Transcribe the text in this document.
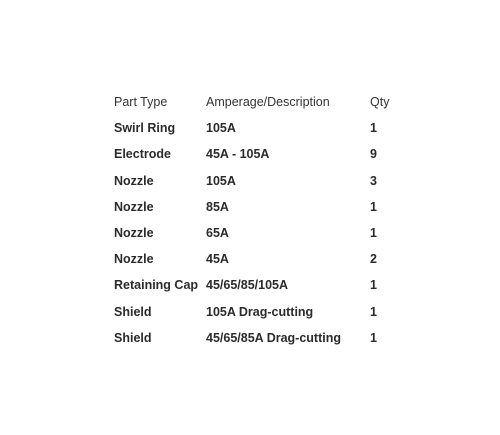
Part Type	Amperage/Description	Qty
Swirl Ring	105A	1
Electrode	45A - 105A	9
Nozzle	105A	3
Nozzle	85A	1
Nozzle	65A	1
Nozzle	45A	2
Retaining Cap	45/65/85/105A	1
Shield	105A Drag-cutting	1
Shield	45/65/85A Drag-cutting	1
